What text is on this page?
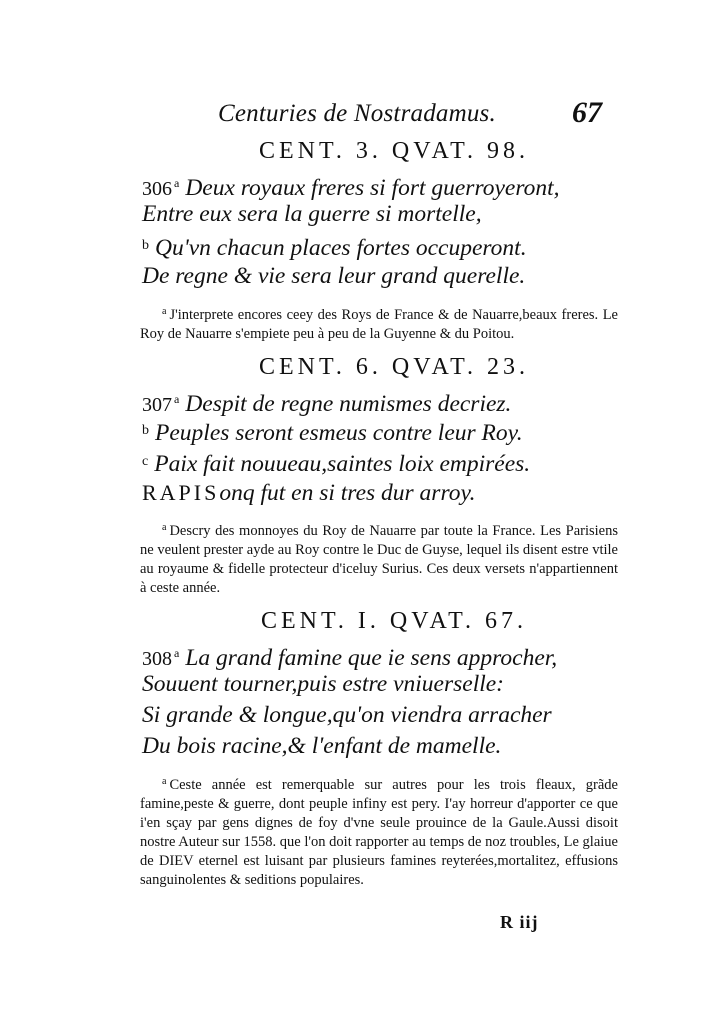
Centuries de Nostradamus.	67
CENT. 3. QVAT. 98.
306 $^a$ Deux royaux freres si fort guerroyeront,
Entre eux sera la guerre si mortelle,
$^b$ Qu'vn chacun places fortes occuperont.
De regne & vie sera leur grand querelle.

$^a$ J'interprete encores ceey des Roys de France & de Nauarre,beaux freres. Le Roy de Nauarre s'empiete peu à peu de la Guyenne & du Poitou.

CENT. 6. QVAT. 23.
307 $^a$ Despit de regne numismes decriez.
$^b$ Peuples seront esmeus contre leur Roy.
$^c$ Paix fait nouueau,saintes loix empirées.
RAPISonq fut en si tres dur arroy.

$^a$ Descry des monnoyes du Roy de Nauarre par toute la France. Les Parisiens ne veulent prester ayde au Roy contre le Duc de Guyse, lequel ils disent estre vtile au royaume & fidelle protecteur d'iceluy Surius. Ces deux versets n'appartiennent à ceste année.

CENT. I. QVAT. 67.
308 $^a$ La grand famine que ie sens approcher,
Souuent tourner,puis estre vniuerselle:
Si grande & longue,qu'on viendra arracher
Du bois racine,& l'enfant de mamelle.

$^a$ Ceste année est remerquable sur autres pour les trois fleaux, grãde famine,peste & guerre, dont peuple infiny est pery. I'ay horreur d'apporter ce que i'en sçay par gens dignes de foy d'vne seule prouince de la Gaule.Aussi disoit nostre Auteur sur 1558. que l'on doit rapporter au temps de noz troubles, Le glaiue de DIEV eternel est luisant par plusieurs famines reyterées,mortalitez, effusions sanguinolentes & seditions populaires.

R iij
